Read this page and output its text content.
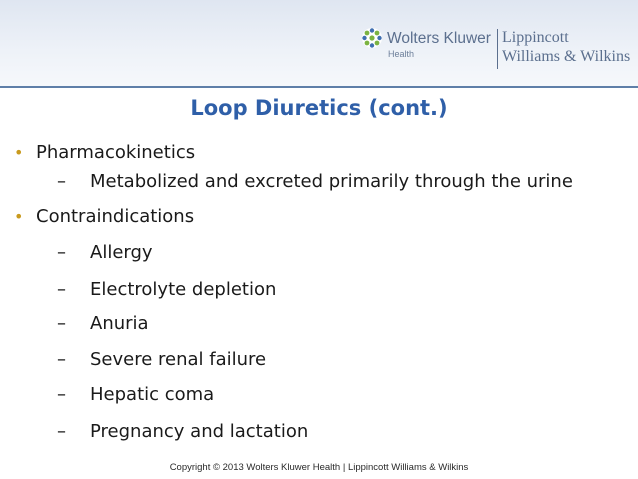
Wolters Kluwer
Health
Lippincott
Williams & Wilkins
Loop Diuretics (cont.)
• Pharmacokinetics
– Metabolized and excreted primarily through the urine
• Contraindications
– Allergy
– Electrolyte depletion
– Anuria
– Severe renal failure
– Hepatic coma
– Pregnancy and lactation
Copyright © 2013 Wolters Kluwer Health | Lippincott Williams & Wilkins
